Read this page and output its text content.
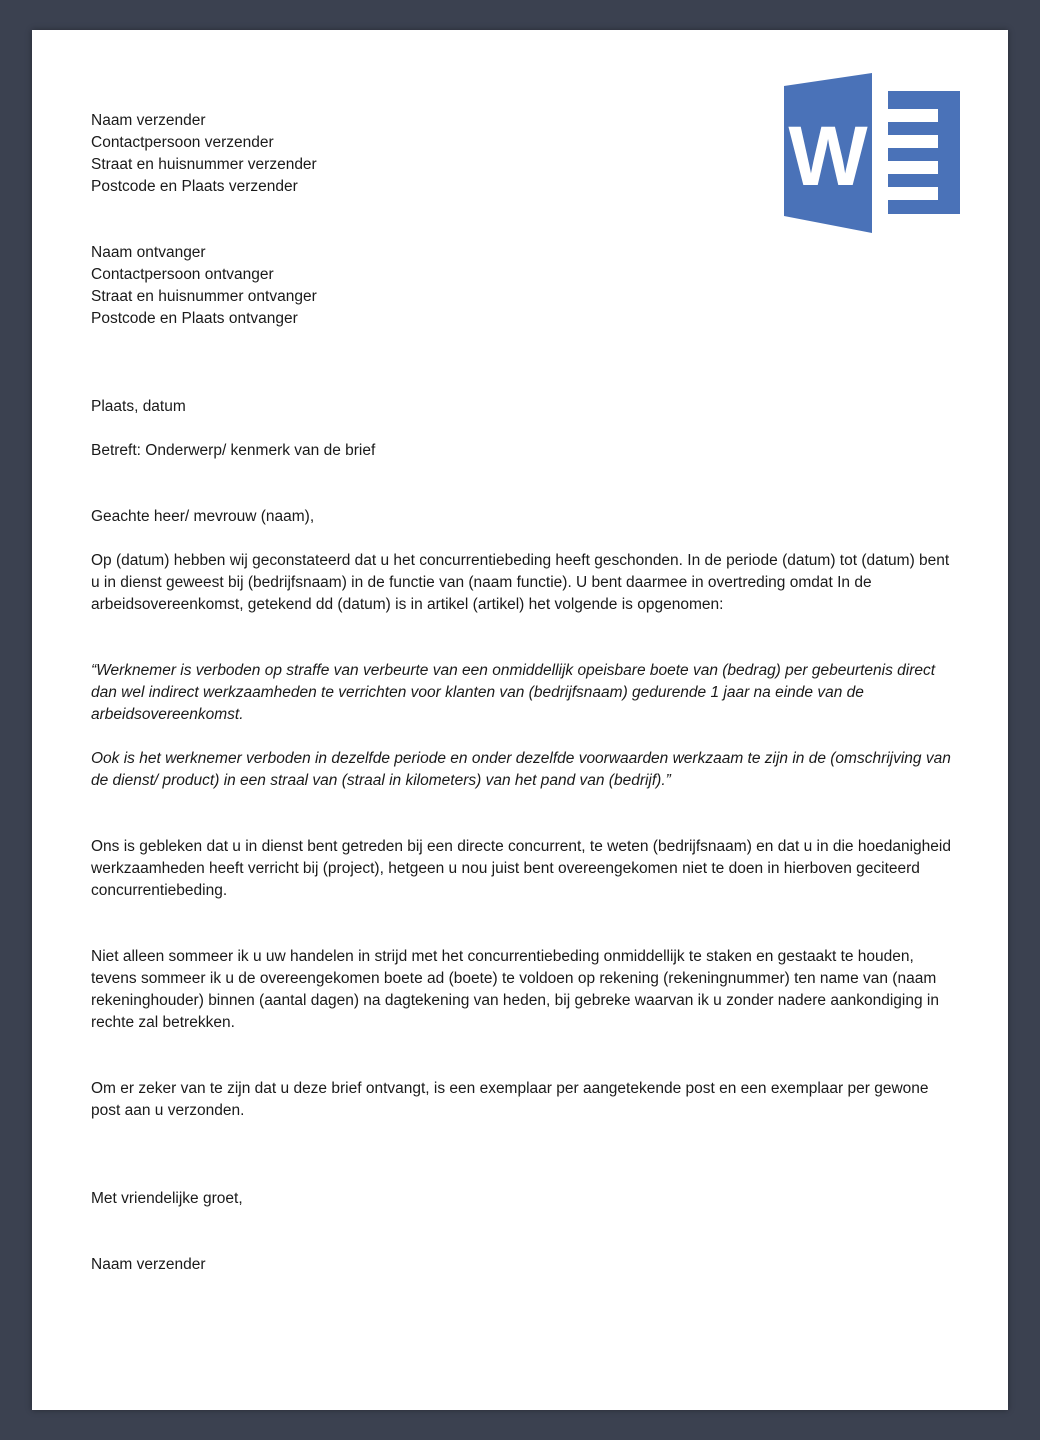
W
Naam verzender
Contactpersoon verzender
Straat en huisnummer verzender
Postcode en Plaats verzender
Naam ontvanger
Contactpersoon ontvanger
Straat en huisnummer ontvanger
Postcode en Plaats ontvanger
Plaats, datum
Betreft: Onderwerp/ kenmerk van de brief
Geachte heer/ mevrouw (naam),
Op (datum) hebben wij geconstateerd dat u het concurrentiebeding heeft geschonden. In de periode (datum) tot (datum) bent u in dienst geweest bij (bedrijfsnaam) in de functie van (naam functie). U bent daarmee in overtreding omdat In de arbeidsovereenkomst, getekend dd (datum) is in artikel (artikel) het volgende is opgenomen:
“Werknemer is verboden op straffe van verbeurte van een onmiddellijk opeisbare boete van (bedrag) per gebeurtenis direct dan wel indirect werkzaamheden te verrichten voor klanten van (bedrijfsnaam) gedurende 1 jaar na einde van de arbeidsovereenkomst.
Ook is het werknemer verboden in dezelfde periode en onder dezelfde voorwaarden werkzaam te zijn in de (omschrijving van de dienst/ product) in een straal van (straal in kilometers) van het pand van (bedrijf).”
Ons is gebleken dat u in dienst bent getreden bij een directe concurrent, te weten (bedrijfsnaam) en dat u in die hoedanigheid werkzaamheden heeft verricht bij (project), hetgeen u nou juist bent overeengekomen niet te doen in hierboven geciteerd concurrentiebeding.
Niet alleen sommeer ik u uw handelen in strijd met het concurrentiebeding onmiddellijk te staken en gestaakt te houden, tevens sommeer ik u de overeengekomen boete ad (boete) te voldoen op rekening (rekeningnummer) ten name van (naam rekeninghouder) binnen (aantal dagen) na dagtekening van heden, bij gebreke waarvan ik u zonder nadere aankondiging in rechte zal betrekken.
Om er zeker van te zijn dat u deze brief ontvangt, is een exemplaar per aangetekende post en een exemplaar per gewone post aan u verzonden.
Met vriendelijke groet,
Naam verzender
